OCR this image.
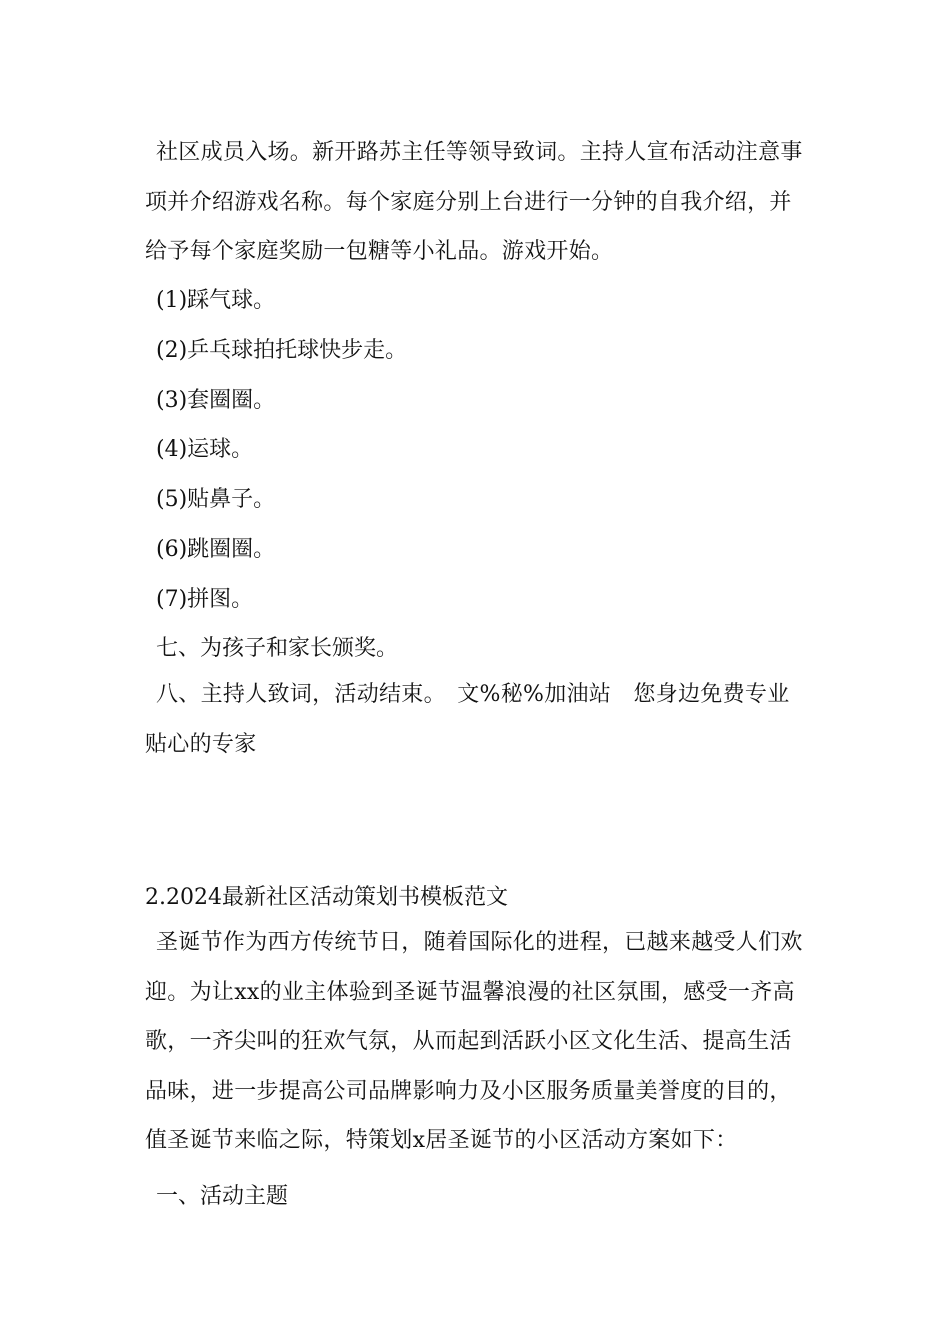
社区成员入场。新开路苏主任等领导致词。主持人宣布活动注意事项并介绍游戏名称。每个家庭分别上台进行一分钟的自我介绍，并给予每个家庭奖励一包糖等小礼品。游戏开始。

(1)踩气球。

(2)乒乓球拍托球快步走。

(3)套圈圈。

(4)运球。

(5)贴鼻子。

(6)跳圈圈。

(7)拼图。

七、为孩子和家长颁奖。

八、主持人致词，活动结束。　文%秘%加油站　您身边免费专业贴心的专家

2.2024最新社区活动策划书模板范文

圣诞节作为西方传统节日，随着国际化的进程，已越来越受人们欢迎。为让xx的业主体验到圣诞节温馨浪漫的社区氛围，感受一齐高歌，一齐尖叫的狂欢气氛，从而起到活跃小区文化生活、提高生活品味，进一步提高公司品牌影响力及小区服务质量美誉度的目的，值圣诞节来临之际，特策划x居圣诞节的小区活动方案如下：

一、活动主题
